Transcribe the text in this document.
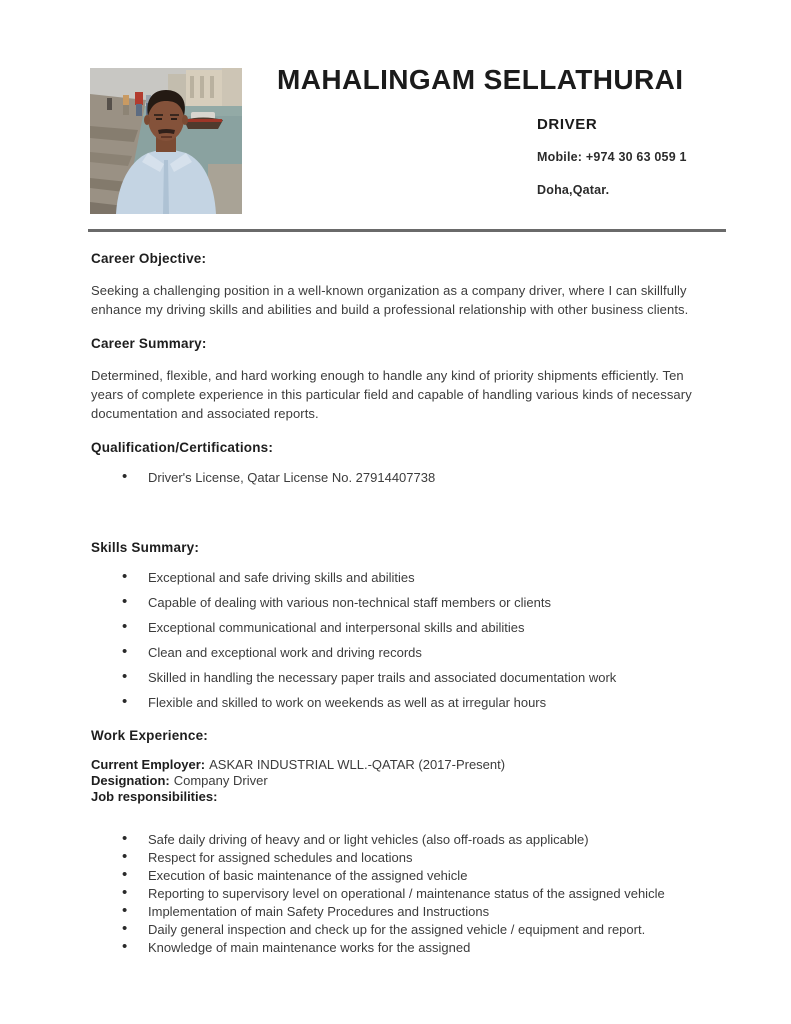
MAHALINGAM SELLATHURAI
DRIVER
Mobile: +974 30 63 059 1
Doha,Qatar.
Career Objective:

Seeking a challenging position in a well-known organization as a company driver, where I can skillfully enhance my driving skills and abilities and build a professional relationship with other business clients.

Career Summary:

Determined, flexible, and hard working enough to handle any kind of priority shipments efficiently. Ten years of complete experience in this particular field and capable of handling various kinds of necessary documentation and associated reports.

Qualification/Certifications:
• Driver's License, Qatar License No. 27914407738
Skills Summary:
• Exceptional and safe driving skills and abilities
• Capable of dealing with various non-technical staff members or clients
• Exceptional communicational and interpersonal skills and abilities
• Clean and exceptional work and driving records
• Skilled in handling the necessary paper trails and associated documentation work
• Flexible and skilled to work on weekends as well as at irregular hours
Work Experience:

Current Employer: ASKAR INDUSTRIAL WLL.-QATAR (2017-Present)

Designation: Company Driver

Job responsibilities:

• Safe daily driving of heavy and or light vehicles (also off-roads as applicable)
• Respect for assigned schedules and locations
• Execution of basic maintenance of the assigned vehicle
• Reporting to supervisory level on operational / maintenance status of the assigned vehicle
• Implementation of main Safety Procedures and Instructions
• Daily general inspection and check up for the assigned vehicle / equipment and report.
• Knowledge of main maintenance works for the assigned
